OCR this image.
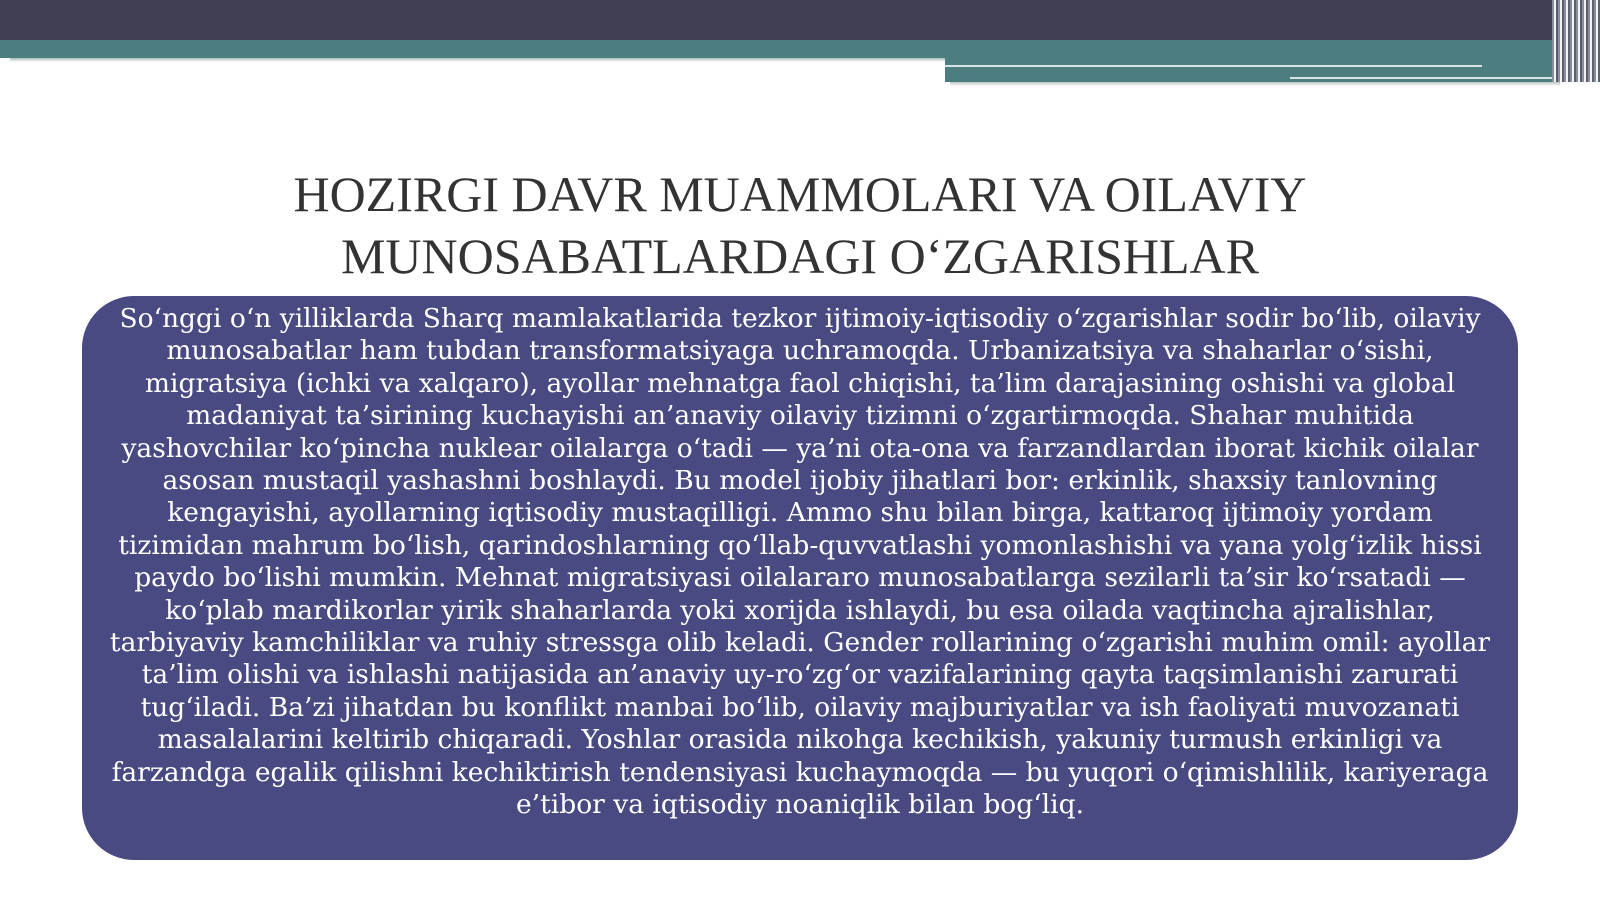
HOZIRGI DAVR MUAMMOLARI VA OILAVIY MUNOSABATLARDAGI O‘ZGARISHLAR

So‘nggi o‘n yilliklarda Sharq mamlakatlarida tezkor ijtimoiy-iqtisodiy o‘zgarishlar sodir bo‘lib, oilaviy munosabatlar ham tubdan transformatsiyaga uchramoqda. Urbanizatsiya va shaharlar o‘sishi, migratsiya (ichki va xalqaro), ayollar mehnatga faol chiqishi, ta’lim darajasining oshishi va global madaniyat ta’sirining kuchayishi an’anaviy oilaviy tizimni o‘zgartirmoqda. Shahar muhitida yashovchilar ko‘pincha nuklear oilalarga o‘tadi — ya’ni ota-ona va farzandlardan iborat kichik oilalar asosan mustaqil yashashni boshlaydi. Bu model ijobiy jihatlari bor: erkinlik, shaxsiy tanlovning kengayishi, ayollarning iqtisodiy mustaqilligi. Ammo shu bilan birga, kattaroq ijtimoiy yordam tizimidan mahrum bo‘lish, qarindoshlarning qo‘llab-quvvatlashi yomonlashishi va yana yolg‘izlik hissi paydo bo‘lishi mumkin. Mehnat migratsiyasi oilalararo munosabatlarga sezilarli ta’sir ko‘rsatadi — ko‘plab mardikorlar yirik shaharlarda yoki xorijda ishlaydi, bu esa oilada vaqtincha ajralishlar, tarbiyaviy kamchiliklar va ruhiy stressga olib keladi. Gender rollarining o‘zgarishi muhim omil: ayollar ta’lim olishi va ishlashi natijasida an’anaviy uy-ro‘zg‘or vazifalarining qayta taqsimlanishi zarurati tug‘iladi. Ba’zi jihatdan bu konflikt manbai bo‘lib, oilaviy majburiyatlar va ish faoliyati muvozanati masalalarini keltirib chiqaradi. Yoshlar orasida nikohga kechikish, yakuniy turmush erkinligi va farzandga egalik qilishni kechiktirish tendensiyasi kuchaymoqda — bu yuqori o‘qimishlilik, kariyeraga e’tibor va iqtisodiy noaniqlik bilan bog‘liq.
